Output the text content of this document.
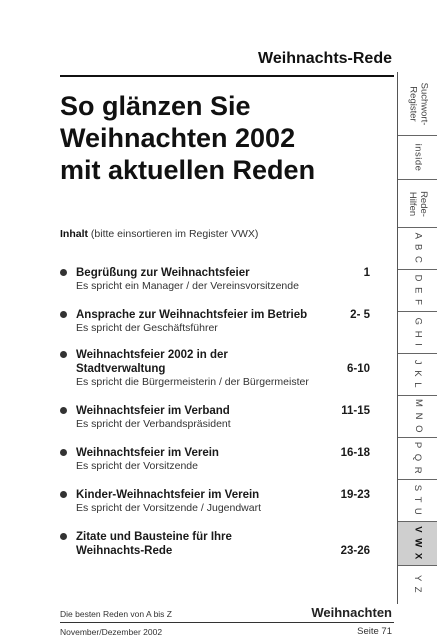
Weihnachts-Rede
So glänzen Sie
Weihnachten 2002
mit aktuellen Reden
Inhalt (bitte einsortieren im Register VWX)
Begrüßung zur Weihnachtsfeier	1
Es spricht ein Manager / der Vereinsvorsitzende
Ansprache zur Weihnachtsfeier im Betrieb	2- 5
Es spricht der Geschäftsführer
Weihnachtsfeier 2002 in der
Stadtverwaltung	6-10
Es spricht die Bürgermeisterin / der Bürgermeister
Weihnachtsfeier im Verband	11-15
Es spricht der Verbandspräsident
Weihnachtsfeier im Verein	16-18
Es spricht der Vorsitzende
Kinder-Weihnachtsfeier im Verein	19-23
Es spricht der Vorsitzende / Jugendwart
Zitate und Bausteine für Ihre
Weihnachts-Rede	23-26
Suchwort- Register
inside
Rede- Hilfen
A B C
D E F
G H I
J K L
M N O
P Q R
S T U
V W X
Y Z
Die besten Reden von A bis Z	Weihnachten
November/Dezember 2002	Seite 71
